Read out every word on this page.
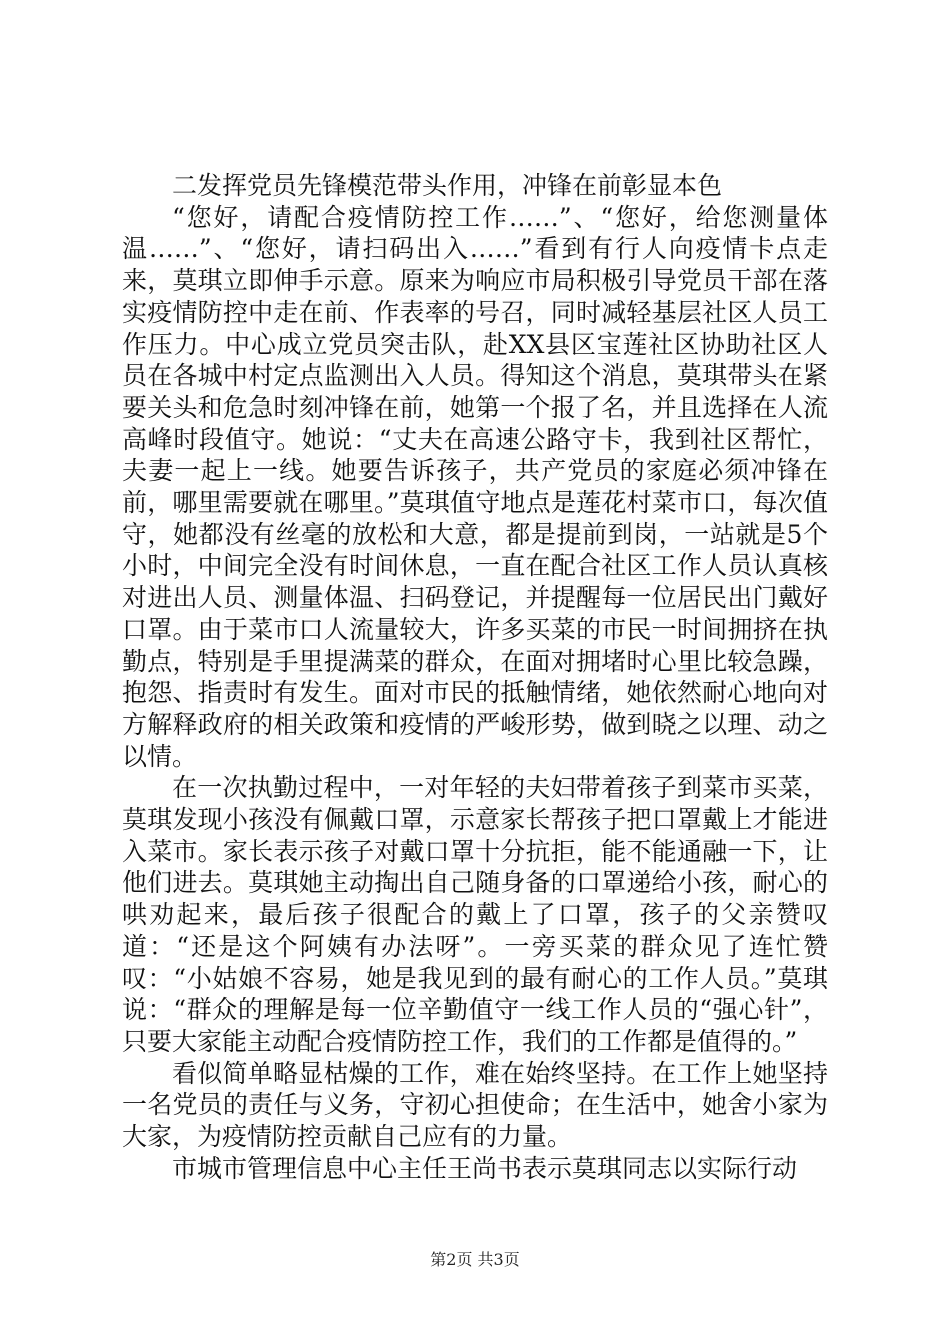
二发挥党员先锋模范带头作用，冲锋在前彰显本色

“您好，请配合疫情防控工作……”、“您好，给您测量体温……”、“您好，请扫码出入……”看到有行人向疫情卡点走来，莫琪立即伸手示意。原来为响应市局积极引导党员干部在落实疫情防控中走在前、作表率的号召，同时减轻基层社区人员工作压力。中心成立党员突击队，赴XX县区宝莲社区协助社区人员在各城中村定点监测出入人员。得知这个消息，莫琪带头在紧要关头和危急时刻冲锋在前，她第一个报了名，并且选择在人流高峰时段值守。她说：“丈夫在高速公路守卡，我到社区帮忙，夫妻一起上一线。她要告诉孩子，共产党员的家庭必须冲锋在前，哪里需要就在哪里。”莫琪值守地点是莲花村菜市口，每次值守，她都没有丝毫的放松和大意，都是提前到岗，一站就是5个小时，中间完全没有时间休息，一直在配合社区工作人员认真核对进出人员、测量体温、扫码登记，并提醒每一位居民出门戴好口罩。由于菜市口人流量较大，许多买菜的市民一时间拥挤在执勤点，特别是手里提满菜的群众，在面对拥堵时心里比较急躁，抱怨、指责时有发生。面对市民的抵触情绪，她依然耐心地向对方解释政府的相关政策和疫情的严峻形势，做到晓之以理、动之以情。

在一次执勤过程中，一对年轻的夫妇带着孩子到菜市买菜，莫琪发现小孩没有佩戴口罩，示意家长帮孩子把口罩戴上才能进入菜市。家长表示孩子对戴口罩十分抗拒，能不能通融一下，让他们进去。莫琪她主动掏出自己随身备的口罩递给小孩，耐心的哄劝起来，最后孩子很配合的戴上了口罩，孩子的父亲赞叹道：“还是这个阿姨有办法呀”。一旁买菜的群众见了连忙赞叹：“小姑娘不容易，她是我见到的最有耐心的工作人员。”莫琪说：“群众的理解是每一位辛勤值守一线工作人员的“强心针”，只要大家能主动配合疫情防控工作，我们的工作都是值得的。”

看似简单略显枯燥的工作，难在始终坚持。在工作上她坚持一名党员的责任与义务，守初心担使命；在生活中，她舍小家为大家，为疫情防控贡献自己应有的力量。

市城市管理信息中心主任王尚书表示莫琪同志以实际行动

第2页 共3页
